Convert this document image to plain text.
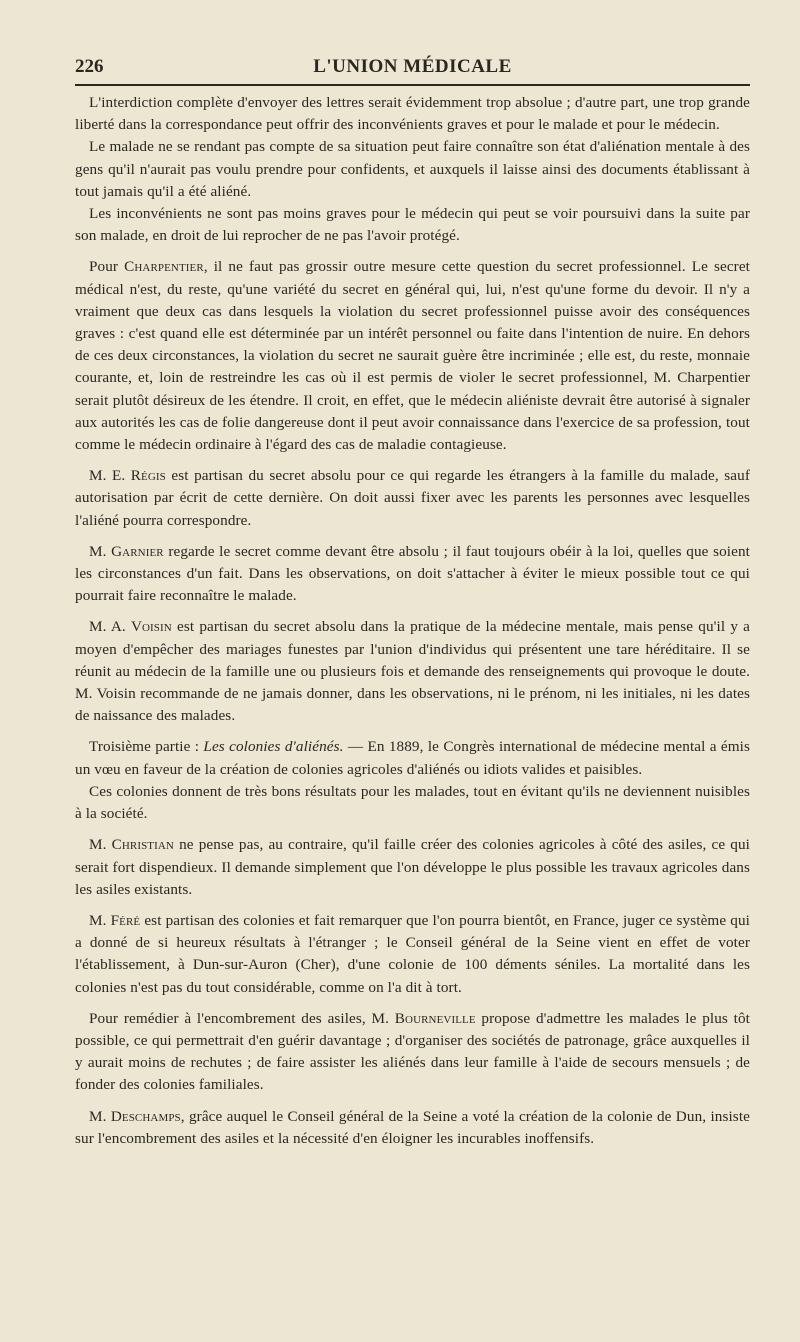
226	L'UNION MÉDICALE

L'interdiction complète d'envoyer des lettres serait évidemment trop absolue ; d'autre part, une trop grande liberté dans la correspondance peut offrir des inconvénients graves et pour le malade et pour le médecin.

Le malade ne se rendant pas compte de sa situation peut faire connaître son état d'aliénation mentale à des gens qu'il n'aurait pas voulu prendre pour confidents, et auxquels il laisse ainsi des documents établissant à tout jamais qu'il a été aliéné.

Les inconvénients ne sont pas moins graves pour le médecin qui peut se voir poursuivi dans la suite par son malade, en droit de lui reprocher de ne pas l'avoir protégé.

Pour Charpentier, il ne faut pas grossir outre mesure cette question du secret professionnel. Le secret médical n'est, du reste, qu'une variété du secret en général qui, lui, n'est qu'une forme du devoir. Il n'y a vraiment que deux cas dans lesquels la violation du secret professionnel puisse avoir des conséquences graves : c'est quand elle est déterminée par un intérêt personnel ou faite dans l'intention de nuire. En dehors de ces deux circonstances, la violation du secret ne saurait guère être incriminée ; elle est, du reste, monnaie courante, et, loin de restreindre les cas où il est permis de violer le secret professionnel, M. Charpentier serait plutôt désireux de les étendre. Il croit, en effet, que le médecin aliéniste devrait être autorisé à signaler aux autorités les cas de folie dangereuse dont il peut avoir connaissance dans l'exercice de sa profession, tout comme le médecin ordinaire à l'égard des cas de maladie contagieuse.

M. E. Régis est partisan du secret absolu pour ce qui regarde les étrangers à la famille du malade, sauf autorisation par écrit de cette dernière. On doit aussi fixer avec les parents les personnes avec lesquelles l'aliéné pourra correspondre.

M. Garnier regarde le secret comme devant être absolu ; il faut toujours obéir à la loi, quelles que soient les circonstances d'un fait. Dans les observations, on doit s'attacher à éviter le mieux possible tout ce qui pourrait faire reconnaître le malade.

M. A. Voisin est partisan du secret absolu dans la pratique de la médecine mentale, mais pense qu'il y a moyen d'empêcher des mariages funestes par l'union d'individus qui présentent une tare héréditaire. Il se réunit au médecin de la famille une ou plusieurs fois et demande des renseignements qui provoque le doute. M. Voisin recommande de ne jamais donner, dans les observations, ni le prénom, ni les initiales, ni les dates de naissance des malades.

Troisième partie : Les colonies d'aliénés. — En 1889, le Congrès international de médecine mental a émis un vœu en faveur de la création de colonies agricoles d'aliénés ou idiots valides et paisibles.

Ces colonies donnent de très bons résultats pour les malades, tout en évitant qu'ils ne deviennent nuisibles à la société.

M. Christian ne pense pas, au contraire, qu'il faille créer des colonies agricoles à côté des asiles, ce qui serait fort dispendieux. Il demande simplement que l'on développe le plus possible les travaux agricoles dans les asiles existants.

M. Féré est partisan des colonies et fait remarquer que l'on pourra bientôt, en France, juger ce système qui a donné de si heureux résultats à l'étranger ; le Conseil général de la Seine vient en effet de voter l'établissement, à Dun-sur-Auron (Cher), d'une colonie de 100 déments séniles. La mortalité dans les colonies n'est pas du tout considérable, comme on l'a dit à tort.

Pour remédier à l'encombrement des asiles, M. Bourneville propose d'admettre les malades le plus tôt possible, ce qui permettrait d'en guérir davantage ; d'organiser des sociétés de patronage, grâce auxquelles il y aurait moins de rechutes ; de faire assister les aliénés dans leur famille à l'aide de secours mensuels ; de fonder des colonies familiales.

M. Deschamps, grâce auquel le Conseil général de la Seine a voté la création de la colonie de Dun, insiste sur l'encombrement des asiles et la nécessité d'en éloigner les incurables inoffensifs.
